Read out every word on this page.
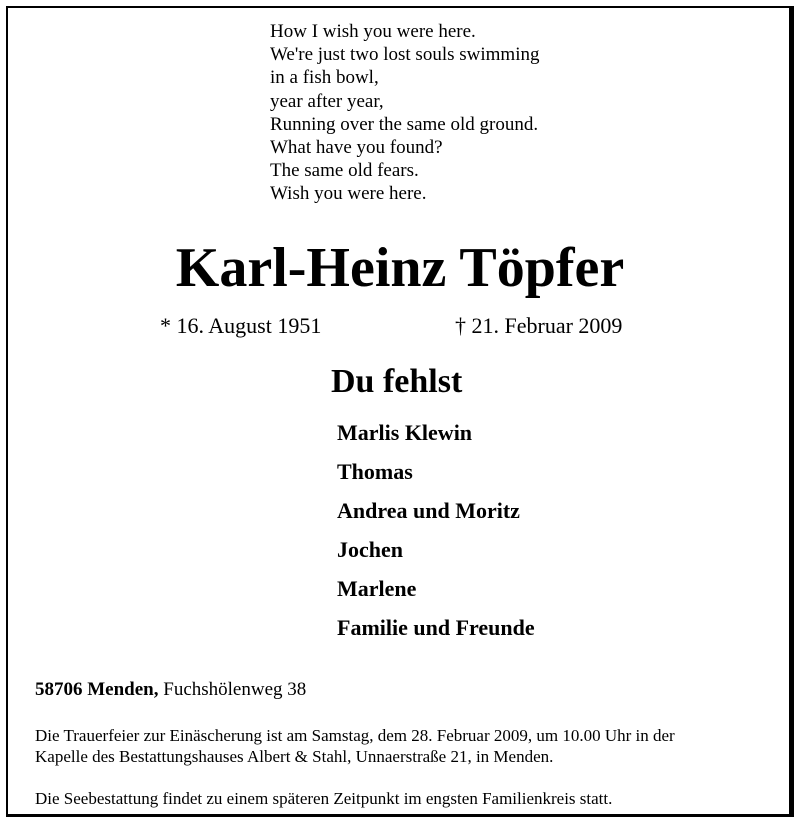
How I wish you were here.
We're just two lost souls swimming
in a fish bowl,
year after year,
Running over the same old ground.
What have you found?
The same old fears.
Wish you were here.
Karl-Heinz Töpfer
* 16. August 1951	† 21. Februar 2009
Du fehlst
Marlis Klewin
Thomas
Andrea und Moritz
Jochen
Marlene
Familie und Freunde
58706 Menden, Fuchshölenweg 38

Die Trauerfeier zur Einäscherung ist am Samstag, dem 28. Februar 2009, um 10.00 Uhr in der Kapelle des Bestattungshauses Albert & Stahl, Unnaerstraße 21, in Menden.

Die Seebestattung findet zu einem späteren Zeitpunkt im engsten Familienkreis statt.
